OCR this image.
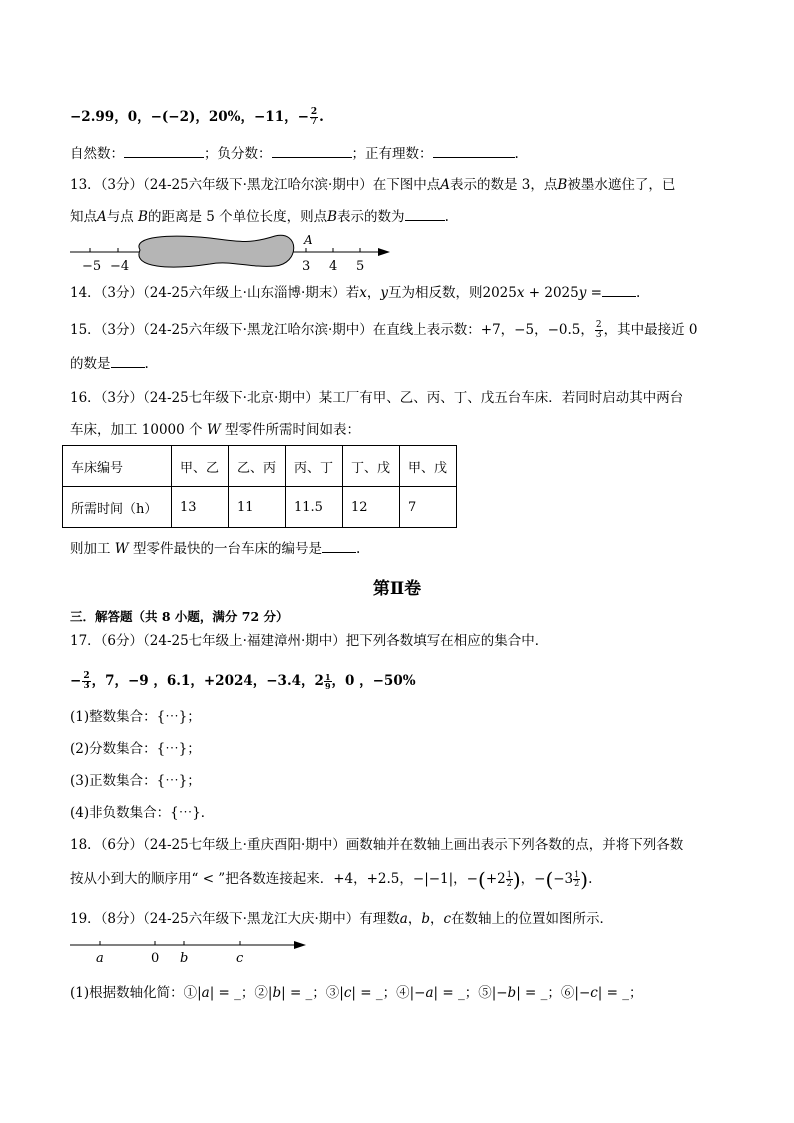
−2.99，0，−(−2)，20%，−11，− $\frac{2}{7}$ .
自然数：	；负分数：	；正有理数：	.
13．（3分）（24-25六年级下·黑龙江哈尔滨·期中）在下图中点𝐴表示的数是 3，点𝐵被墨水遮住了，已
知点𝐴与点 𝐵的距离是 5 个单位长度，则点𝐵表示的数为	.
−5 −4	3 4 5
A
14．（3分）（24-25六年级上·山东淄博·期末）若𝑥，𝑦互为相反数，则2025𝑥 + 2025𝑦 =	.
15．（3分）（24-25六年级下·黑龙江哈尔滨·期中）在直线上表示数：+7，−5，−0.5， $\frac{2}{3}$ ，其中最接近 0
的数是	.
16．（3分）（24-25七年级下·北京·期中）某工厂有甲、乙、丙、丁、戊五台车床．若同时启动其中两台
车床，加工 10000 个 𝑊 型零件所需时间如表：
车床编号	甲、乙	乙、丙	丙、丁	丁、戊	甲、戊
所需时间（h）	13	11	11.5	12	7
则加工 𝑊 型零件最快的一台车床的编号是	.
第Ⅱ卷
三．解答题（共 8 小题，满分 72 分）
17．（6分）（24-25七年级上·福建漳州·期中）把下列各数填写在相应的集合中．
− $\frac{2}{3}$ ，7，−9 ，6.1，+2024，−3.4，$2 \frac{1}{9}$ ，0 ，−50%
(1)整数集合：{⋯}；
(2)分数集合：{⋯}；
(3)正数集合：{⋯}；
(4)非负数集合：{⋯}．
18．（6分）（24-25七年级上·重庆酉阳·期中）画数轴并在数轴上画出表示下列各数的点，并将下列各数
按从小到大的顺序用“ < ”把各数连接起来．+4，+2.5，−|−1|，$-(+2 \frac{1}{2}$ )，$-(-3 \frac{1}{2}$ ).
19．（8分）（24-25六年级下·黑龙江大庆·期中）有理数𝑎，𝑏，𝑐在数轴上的位置如图所示．
a	0 b	c
(1)根据数轴化简：①|𝑎| = _；②|𝑏| = _；③|𝑐| = _；④|−𝑎| = _；⑤|−𝑏| = _；⑥|−𝑐| = _；
